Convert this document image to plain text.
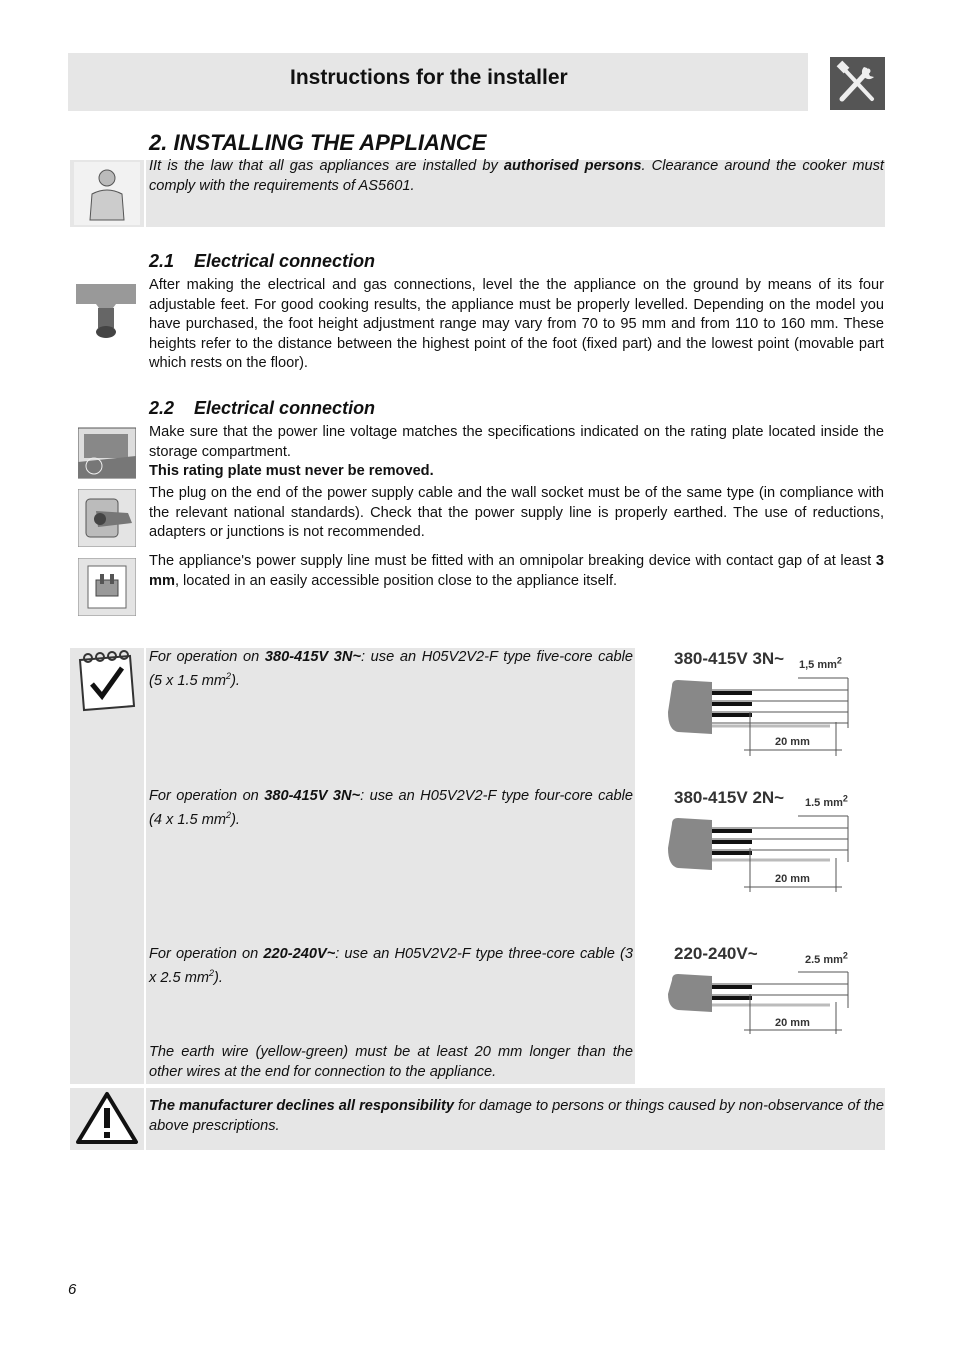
Instructions for the installer
2. INSTALLING THE APPLIANCE
IIt is the law that all gas appliances are installed by authorised persons. Clearance around the cooker must comply with the requirements of AS5601.
2.1 Electrical connection
After making the electrical and gas connections, level the the appliance on the ground by means of its four adjustable feet. For good cooking results, the appliance must be properly levelled. Depending on the model you have purchased, the foot height adjustment range may vary from 70 to 95 mm and from 110 to 160 mm. These heights refer to the distance between the highest point of the foot (fixed part) and the lowest point (movable part which rests on the floor).
2.2 Electrical connection
Make sure that the power line voltage matches the specifications indicated on the rating plate located inside the storage compartment.
This rating plate must never be removed.
The plug on the end of the power supply cable and the wall socket must be of the same type (in compliance with the relevant national standards). Check that the power supply line is properly earthed. The use of reductions, adapters or junctions is not recommended.
The appliance's power supply line must be fitted with an omnipolar breaking device with contact gap of at least 3 mm, located in an easily accessible position close to the appliance itself.
For operation on 380-415V 3N~: use an H05V2V2-F type five-core cable (5 x 1.5 $mm^2$).
For operation on 380-415V 3N~: use an H05V2V2-F type four-core cable (4 x 1.5 $mm^2$).
For operation on 220-240V~: use an H05V2V2-F type three-core cable (3 x 2.5 $mm^2$).
The earth wire (yellow-green) must be at least 20 mm longer than the other wires at the end for connection to the appliance.
380-415V 3N~ 1,5 $mm^2$
20 mm
380-415V 2N~ 1.5 $mm^2$
20 mm
220-240V~	2.5 $mm^2$
20 mm
The manufacturer declines all responsibility for damage to persons or things caused by non-observance of the above prescriptions.
6
